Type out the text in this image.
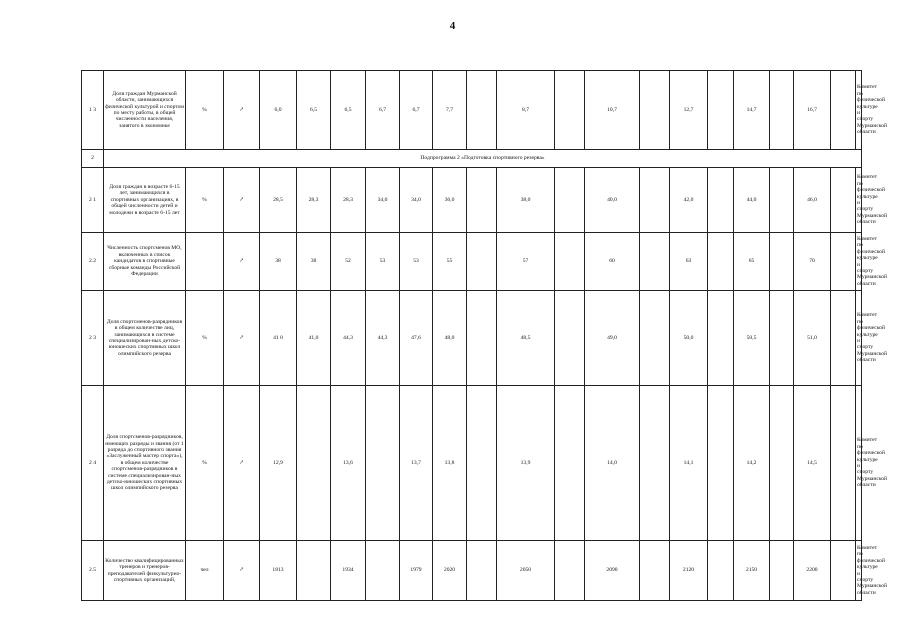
4
1 3	Доля граждан Мурманской области, занимающихся физической культурой и спортом по месту работы, в общей численности населения, занятого в экономике	%	↗	6,0	6,5	6,5	6,7	6,7	7,7		8,7		10,7		12,7		14,7		16,7		Комитет по физической культуре и спорту Мурманской области
2	Подпрограмма 2 «Подготовка спортивного резерва»																				
2 1	Доля граждан в возрасте 6-15 лет, занимающихся в спортивных организациях, в общей численности детей и молодежи в возрасте 6-15 лет	%	↗	28,5	28,3	28,3	34,0	34,0	36,0		38,0		40,0		42,0		44,0		46,0		Комитет по физической культуре и спорту Мурманской области
2.2	Численность спортсменов МО, включенных в список кандидатов в спортивные сборные команды Российской Федерации		↗	38	38	52	53	53	55		57		60		63		65		70		Комитет по физической культуре и спорту Мурманской области
2 3	Доля спортсменов-разрядников в общем количестве лиц, занимающихся в системе специализирован-ных детско-юношеских спортивных школ олимпийского резерва	%	↗	41 0	41,0	44,3	44,3	47,6	48,0		48,5		49,0		50,0		50,5		51,0		Комитет по физической культуре и спорту Мурманской области
2 4	Доля спортсменов-разрядников, имеющих разряды и звания (от 1 разряда до спортивного звания «Заслуженный мастер спорта»), в общем количестве спортсменов-разрядников в системе специализирован-ных детско-юношеских спортивных школ олимпийского резерва	%	↗	12,9		13,6		13,7	13,8		13,9		14,0		14,1		14,2		14,5		Комитет по физической культуре и спорту Мурманской области
2.5	Количество квалифицированных тренеров и тренеров-преподавателей физкультурно-спортивных организаций,	чел	↗	1813		1934		1979	2020		2050		2090		2120		2150		2200		Комитет по физической культуре и спорту Мурманской области
